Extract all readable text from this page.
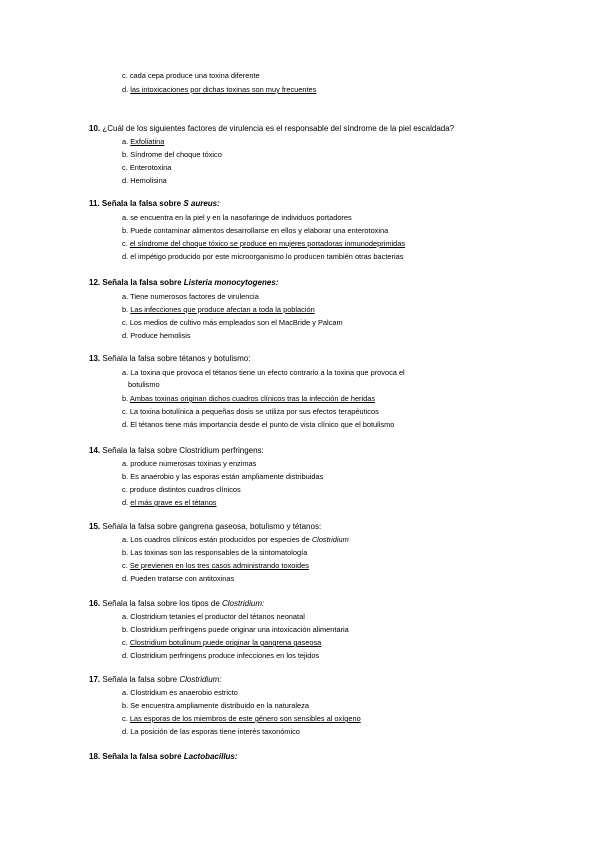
c. cada cepa produce una toxina diferente
d. las intoxicaciones por dichas toxinas son muy frecuentes
10. ¿Cuál de los siguientes factores de virulencia es el responsable del síndrome de la piel escaldada?
a. Exfoliatina
b. Síndrome del choque tóxico
c. Enterotoxina
d. Hemolisina
11. Señala la falsa sobre S aureus:
a. se encuentra en la piel y en la nasofaringe de individuos portadores
b. Puede contaminar alimentos desarrollarse en ellos y elaborar una enterotoxina
c. el síndrome del choque tóxico se produce en mujeres portadoras inmunodeprimidas
d. el impétigo producido por este microorganismo lo producen también otras bacterias
12. Señala la falsa sobre Listeria monocytogenes:
a. Tiene numerosos factores de virulencia
b. Las infecciones que produce afectan a toda la población
c. Los medios de cultivo más empleados son el MacBride y Palcam
d. Produce hemolisis
13. Señala la falsa sobre tétanos y botulismo:
a. La toxina que provoca el tétanos tiene un efecto contrario a la toxina que provoca el
botulismo
b. Ambas toxinas originan dichos cuadros clínicos tras la infección de heridas
c. La toxina botulínica a pequeñas dosis se utiliza por sus efectos terapéuticos
d. El tétanos tiene más importancia desde el punto de vista clínico que el botulismo
14. Señala la falsa sobre Clostridium perfringens:
a. produce numerosas toxinas y enzimas
b. Es anaerobio y las esporas están ampliamente distribuidas
c. produce distintos cuadros clínicos
d. el más grave es el tétanos
15. Señala la falsa sobre gangrena gaseosa, botulismo y tétanos:
a. Los cuadros clínicos están producidos por especies de Clostridium
b. Las toxinas son las responsables de la sintomatología
c. Se previenen en los tres casos administrando toxoides
d. Pueden tratarse con antitoxinas
16. Señala la falsa sobre los tipos de Clostridium:
a. Clostridium tetanies el productor del tétanos neonatal
b. Clostridium perfringens puede originar una intoxicación alimentaria
c. Clostridium botulinum puede originar la gangrena gaseosa
d. Clostridium perfringens produce infecciones en los tejidos
17. Señala la falsa sobre Clostridium:
a. Clostridium es anaerobio estricto
b. Se encuentra ampliamente distribuido en la naturaleza
c. Las esporas de los miembros de este género son sensibles al oxígeno
d. La posición de las esporas tiene interés taxonómico
18. Señala la falsa sobre Lactobacillus:
